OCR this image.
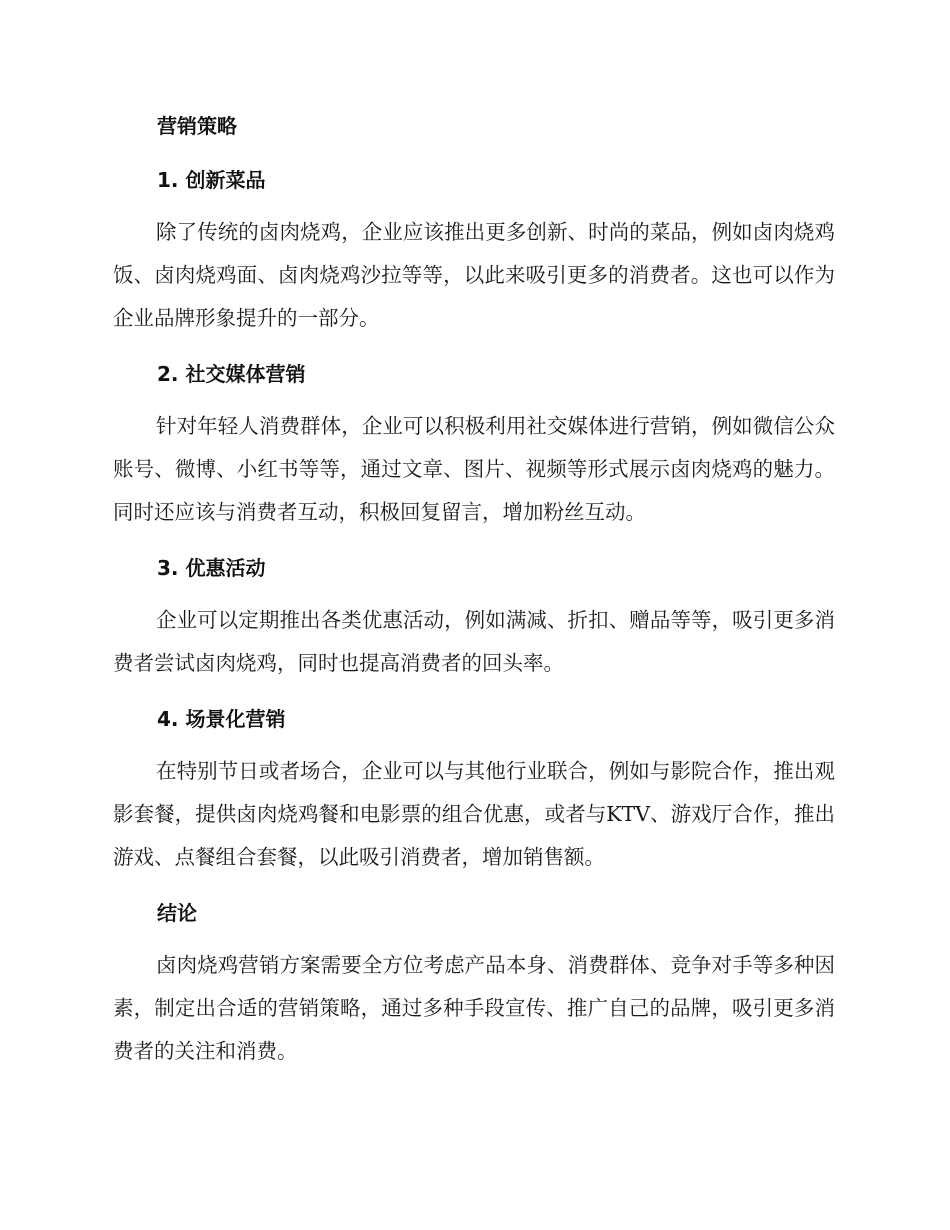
营销策略
1. 创新菜品

除了传统的卤肉烧鸡，企业应该推出更多创新、时尚的菜品，例如卤肉烧鸡饭、卤肉烧鸡面、卤肉烧鸡沙拉等等，以此来吸引更多的消费者。这也可以作为企业品牌形象提升的一部分。

2. 社交媒体营销

针对年轻人消费群体，企业可以积极利用社交媒体进行营销，例如微信公众账号、微博、小红书等等，通过文章、图片、视频等形式展示卤肉烧鸡的魅力。同时还应该与消费者互动，积极回复留言，增加粉丝互动。

3. 优惠活动

企业可以定期推出各类优惠活动，例如满减、折扣、赠品等等，吸引更多消费者尝试卤肉烧鸡，同时也提高消费者的回头率。

4. 场景化营销

在特别节日或者场合，企业可以与其他行业联合，例如与影院合作，推出观影套餐，提供卤肉烧鸡餐和电影票的组合优惠，或者与KTV、游戏厅合作，推出游戏、点餐组合套餐，以此吸引消费者，增加销售额。

结论

卤肉烧鸡营销方案需要全方位考虑产品本身、消费群体、竞争对手等多种因素，制定出合适的营销策略，通过多种手段宣传、推广自己的品牌，吸引更多消费者的关注和消费。
